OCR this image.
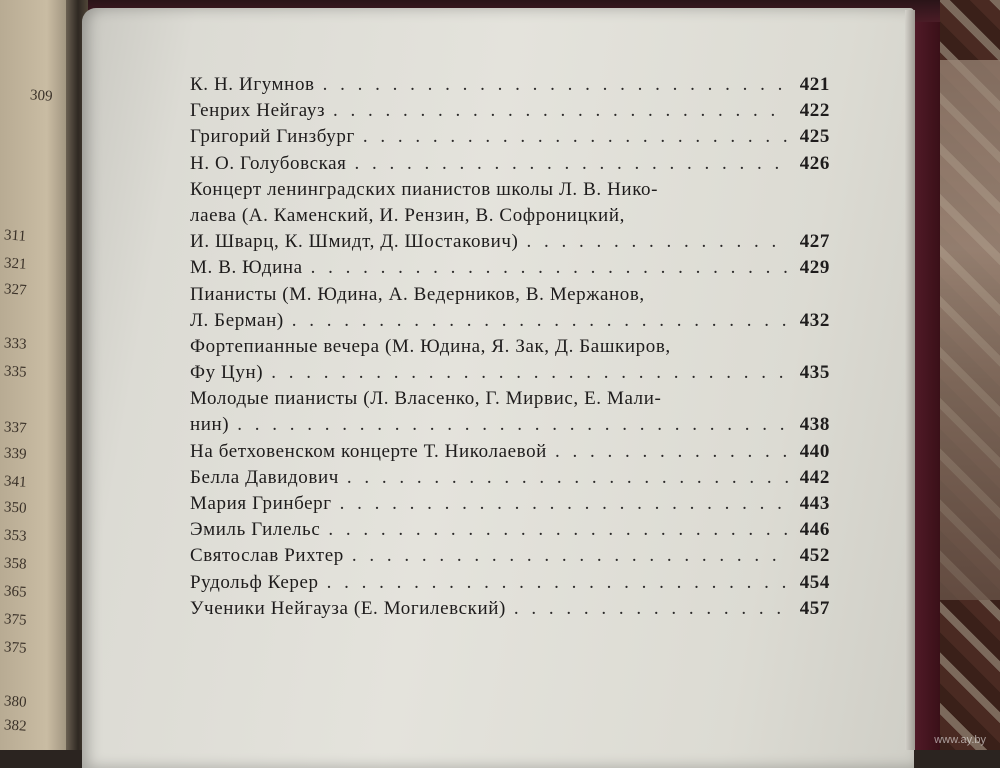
309
311
321
327
333
335
337
339
341
350
353
358
365
375
375
380
382
К. Н. Игумнов . . .	421
Генрих Нейгауз . . .	422
Григорий Гинзбург . . .	425
Н. О. Голубовская . . .	426
Концерт ленинградских пианистов школы Л. В. Нико-
лаева (А. Каменский, И. Рензин, В. Софроницкий,
И. Шварц, К. Шмидт, Д. Шостакович) . . .	427
М. В. Юдина . . .	429
Пианисты (М. Юдина, А. Ведерников, В. Мержанов,
Л. Берман) . . .	432
Фортепианные вечера (М. Юдина, Я. Зак, Д. Башкиров,
Фу Цун) . . .	435
Молодые пианисты (Л. Власенко, Г. Мирвис, Е. Мали-
нин) . . .	438
На бетховенском концерте Т. Николаевой . . .	440
Белла Давидович . . .	442
Мария Гринберг . . .	443
Эмиль Гилельс . . .	446
Святослав Рихтер . . .	452
Рудольф Керер . . .	454
Ученики Нейгауза (Е. Могилевский) . . .	457
www.ay.by
